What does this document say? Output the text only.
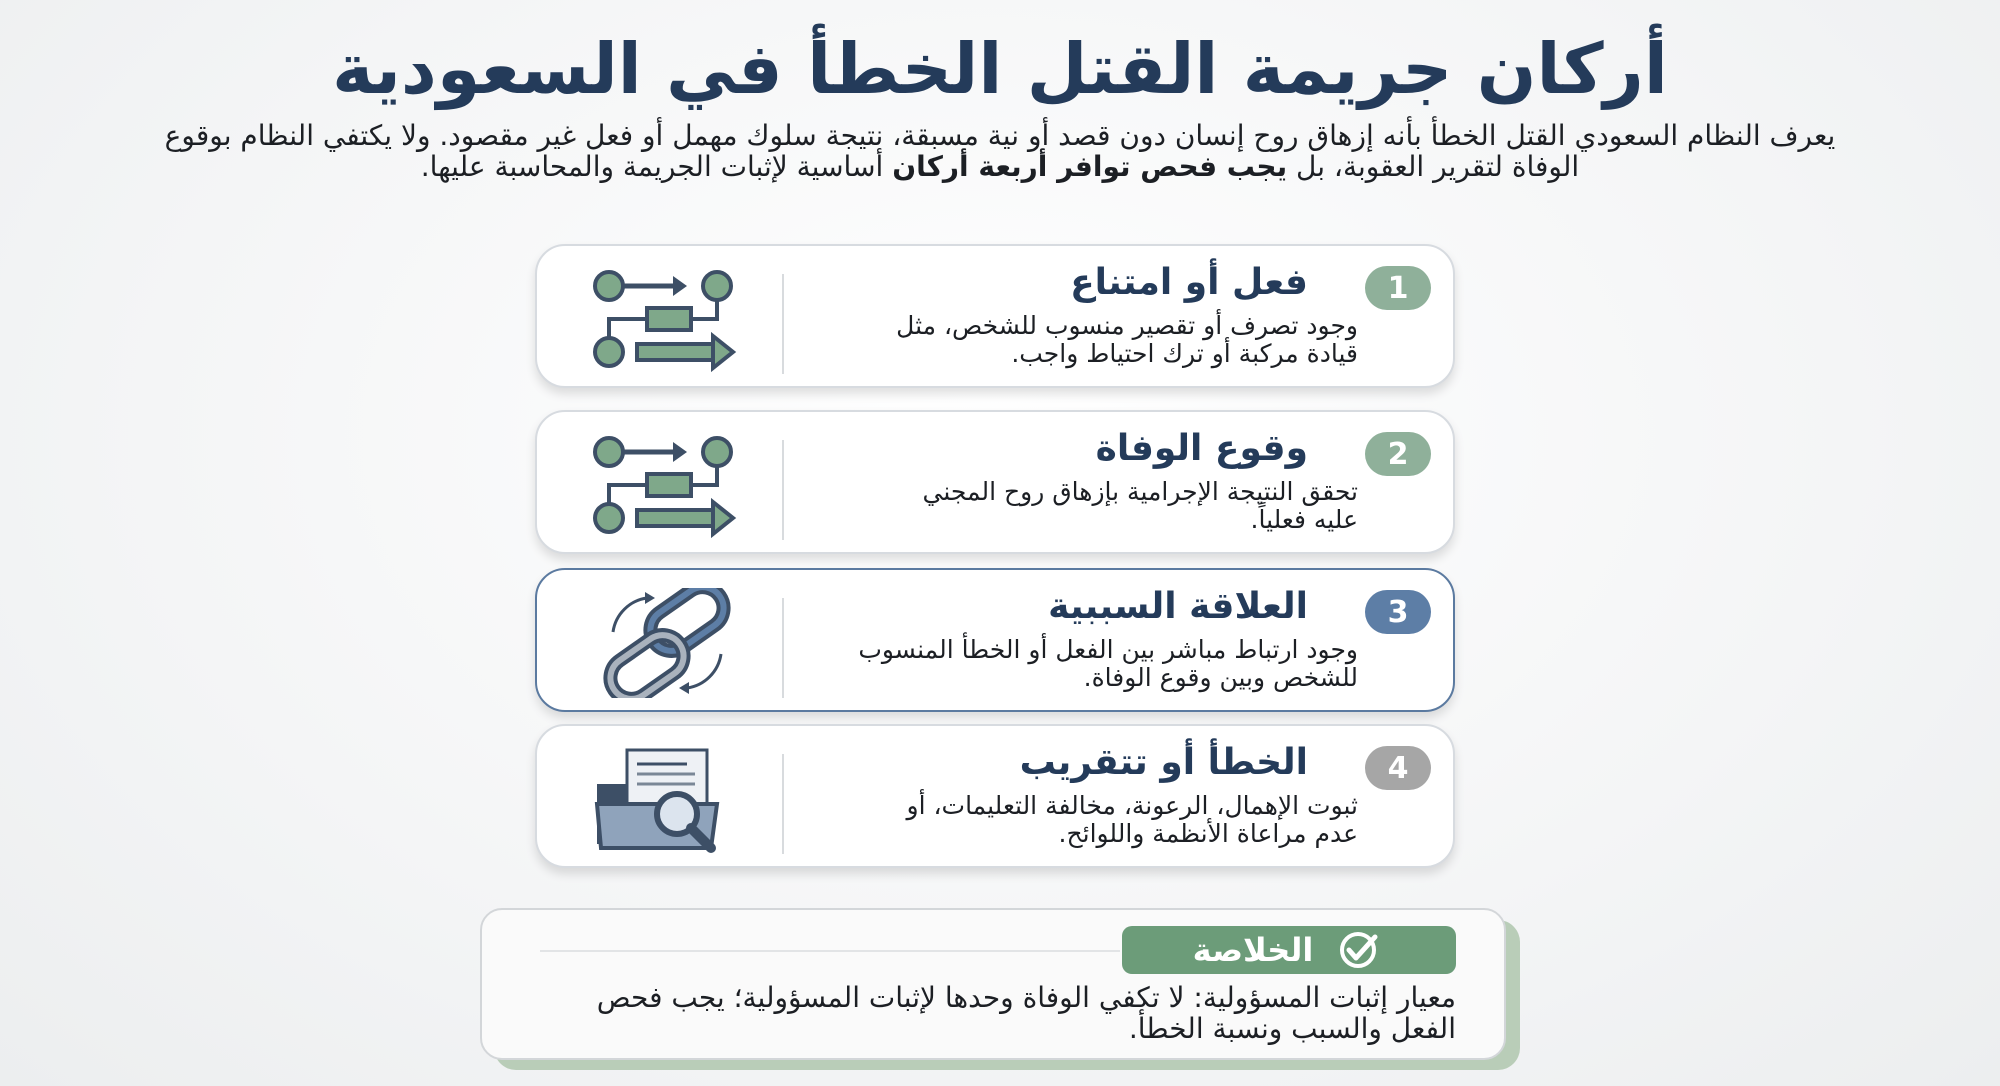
أركان جريمة القتل الخطأ في السعودية
يعرف النظام السعودي القتل الخطأ بأنه إزهاق روح إنسان دون قصد أو نية مسبقة، نتيجة سلوك مهمل أو فعل غير مقصود. ولا يكتفي النظام بوقوع الوفاة لتقرير العقوبة، بل يجب فحص توافر أربعة أركان أساسية لإثبات الجريمة والمحاسبة عليها.
1
فعل أو امتناع
وجود تصرف أو تقصير منسوب للشخص، مثل قيادة مركبة أو ترك احتياط واجب.
2
وقوع الوفاة
تحقق النتيجة الإجرامية بإزهاق روح المجني عليه فعلياً.
3
العلاقة السببية
وجود ارتباط مباشر بين الفعل أو الخطأ المنسوب للشخص وبين وقوع الوفاة.
4
الخطأ أو تتقريب
ثبوت الإهمال، الرعونة، مخالفة التعليمات، أو عدم مراعاة الأنظمة واللوائح.
الخلاصة
معيار إثبات المسؤولية: لا تكفي الوفاة وحدها لإثبات المسؤولية؛ يجب فحص الفعل والسبب ونسبة الخطأ.
